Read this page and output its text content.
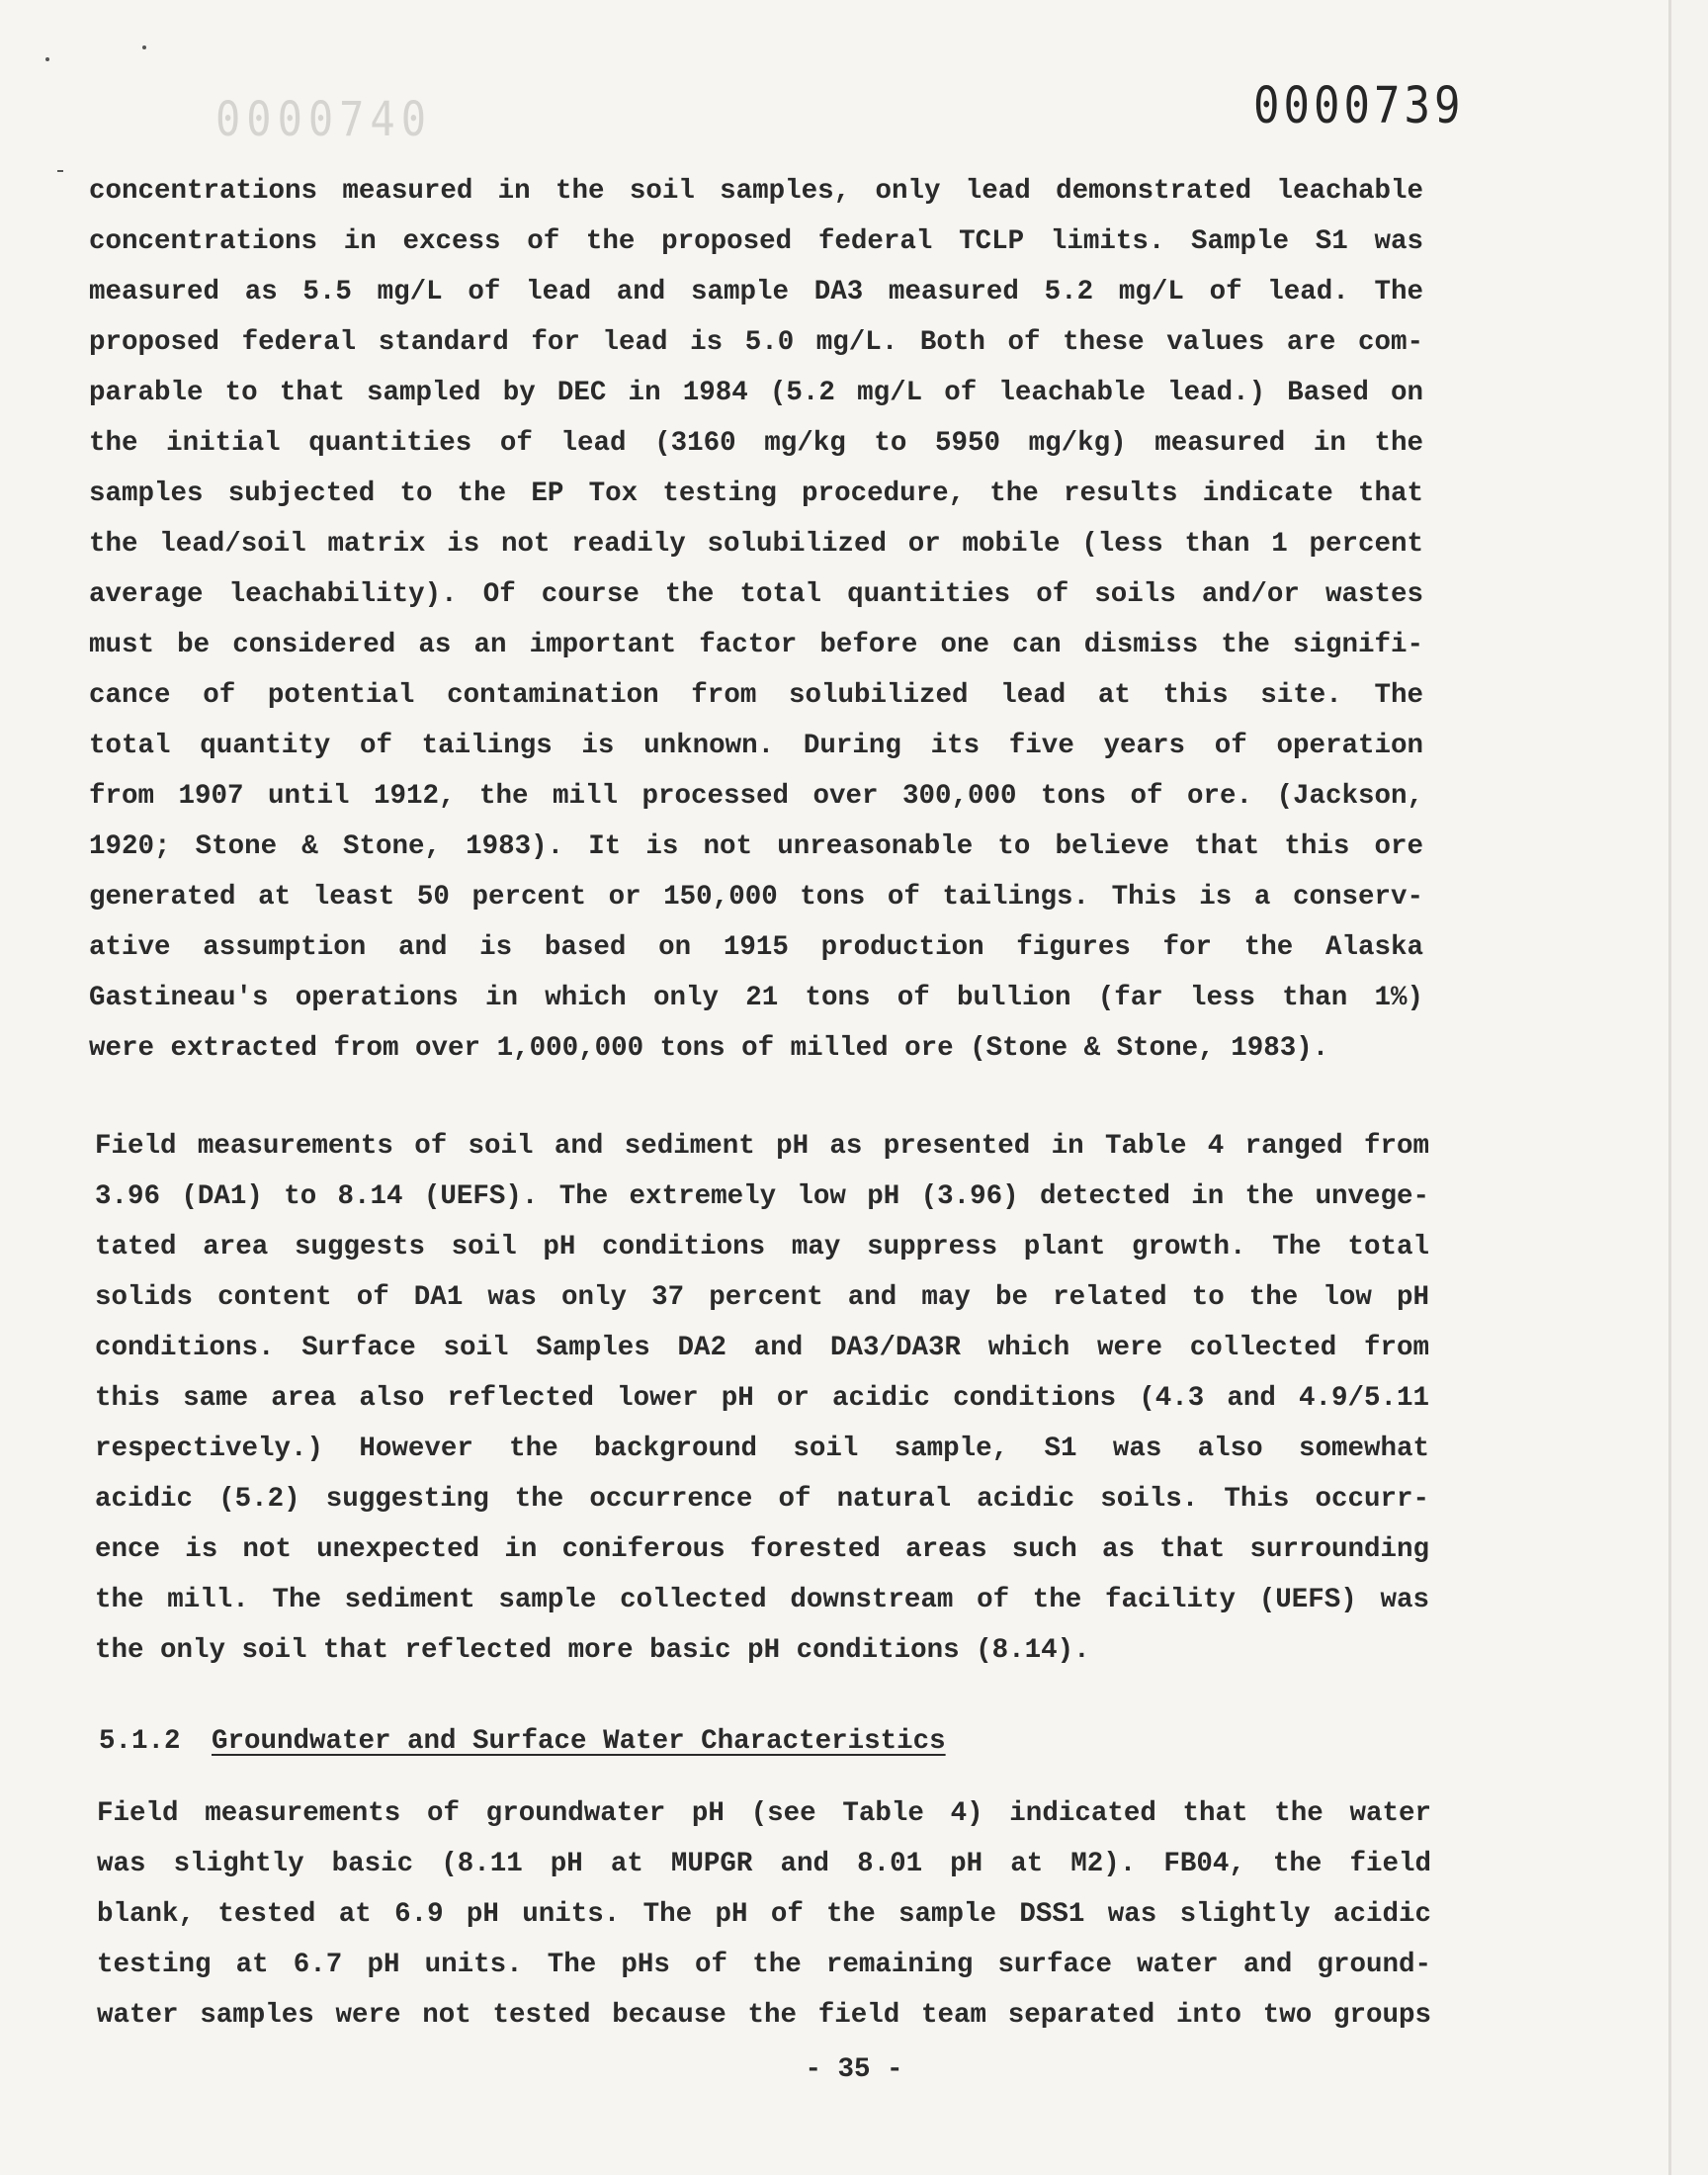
0000740	0000739
concentrations measured in the soil samples, only lead demonstrated leachable
concentrations in excess of the proposed federal TCLP limits. Sample S1 was
measured as 5.5 mg/L of lead and sample DA3 measured 5.2 mg/L of lead. The
proposed federal standard for lead is 5.0 mg/L. Both of these values are com-
parable to that sampled by DEC in 1984 (5.2 mg/L of leachable lead.) Based on
the initial quantities of lead (3160 mg/kg to 5950 mg/kg) measured in the
samples subjected to the EP Tox testing procedure, the results indicate that
the lead/soil matrix is not readily solubilized or mobile (less than 1 percent
average leachability). Of course the total quantities of soils and/or wastes
must be considered as an important factor before one can dismiss the signifi-
cance of potential contamination from solubilized lead at this site. The
total quantity of tailings is unknown. During its five years of operation
from 1907 until 1912, the mill processed over 300,000 tons of ore. (Jackson,
1920; Stone & Stone, 1983). It is not unreasonable to believe that this ore
generated at least 50 percent or 150,000 tons of tailings. This is a conserv-
ative assumption and is based on 1915 production figures for the Alaska
Gastineau's operations in which only 21 tons of bullion (far less than 1%)
were extracted from over 1,000,000 tons of milled ore (Stone & Stone, 1983).
Field measurements of soil and sediment pH as presented in Table 4 ranged from
3.96 (DA1) to 8.14 (UEFS). The extremely low pH (3.96) detected in the unvege-
tated area suggests soil pH conditions may suppress plant growth. The total
solids content of DA1 was only 37 percent and may be related to the low pH
conditions. Surface soil Samples DA2 and DA3/DA3R which were collected from
this same area also reflected lower pH or acidic conditions (4.3 and 4.9/5.11
respectively.) However the background soil sample, S1 was also somewhat
acidic (5.2) suggesting the occurrence of natural acidic soils. This occurr-
ence is not unexpected in coniferous forested areas such as that surrounding
the mill. The sediment sample collected downstream of the facility (UEFS) was
the only soil that reflected more basic pH conditions (8.14).
5.1.2 Groundwater and Surface Water Characteristics
Field measurements of groundwater pH (see Table 4) indicated that the water
was slightly basic (8.11 pH at MUPGR and 8.01 pH at M2). FB04, the field
blank, tested at 6.9 pH units. The pH of the sample DSS1 was slightly acidic
testing at 6.7 pH units. The pHs of the remaining surface water and ground-
water samples were not tested because the field team separated into two groups
- 35 -
